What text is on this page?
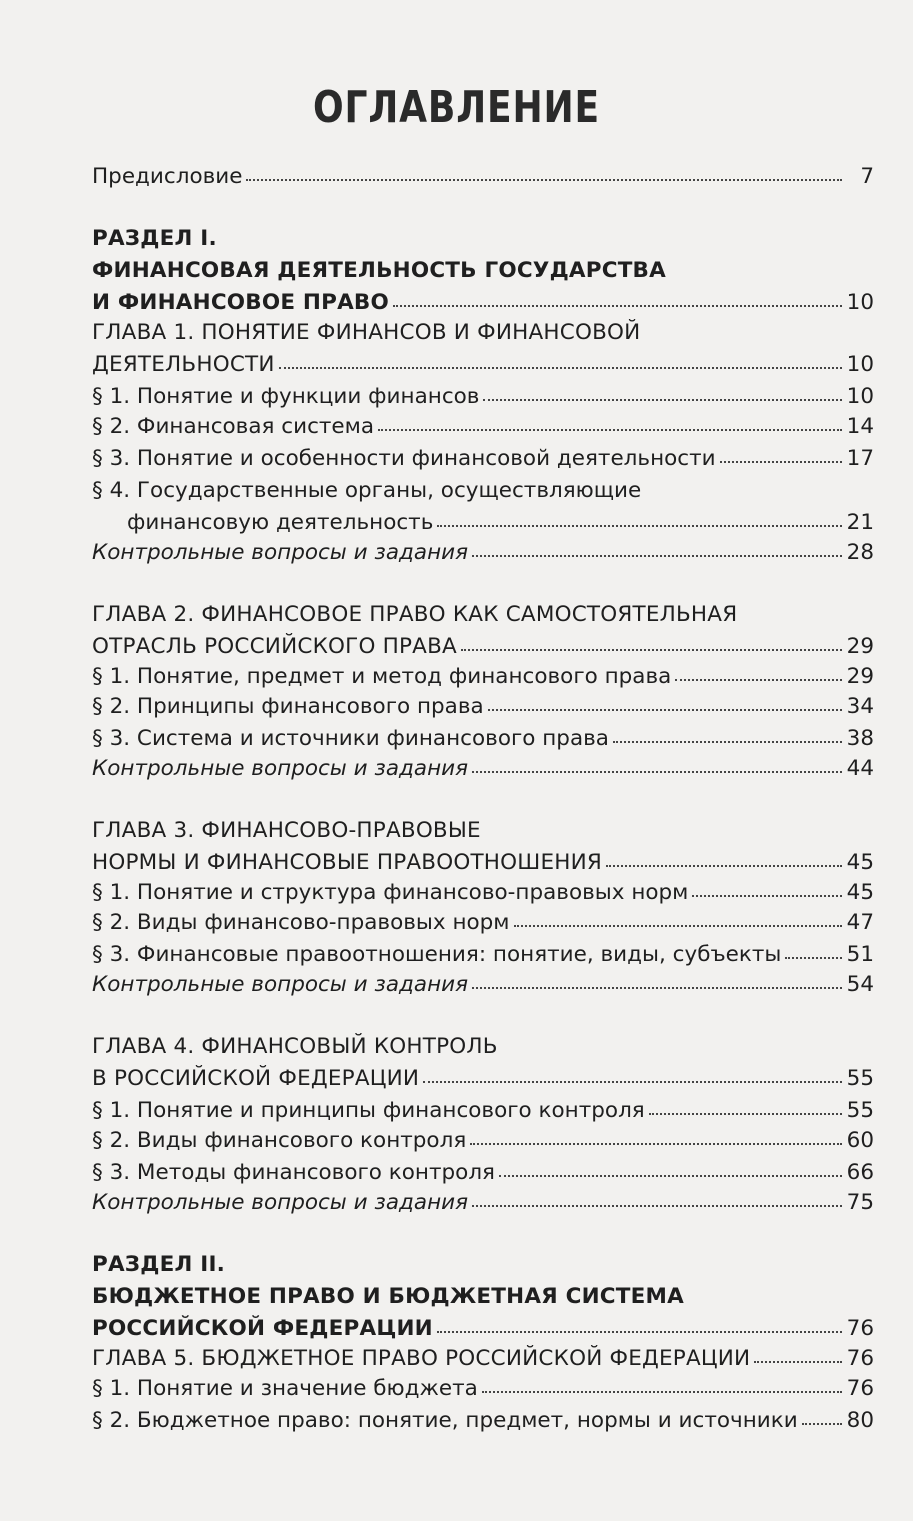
ОГЛАВЛЕНИЕ
Предисловие	7
РАЗДЕЛ I.
ФИНАНСОВАЯ ДЕЯТЕЛЬНОСТЬ ГОСУДАРСТВА
И ФИНАНСОВОЕ ПРАВО	10
ГЛАВА 1. ПОНЯТИЕ ФИНАНСОВ И ФИНАНСОВОЙ
ДЕЯТЕЛЬНОСТИ	10
§ 1. Понятие и функции финансов	10
§ 2. Финансовая система	14
§ 3. Понятие и особенности финансовой деятельности	17
§ 4. Государственные органы, осуществляющие
финансовую деятельность	21
Контрольные вопросы и задания	28
ГЛАВА 2. ФИНАНСОВОЕ ПРАВО КАК САМОСТОЯТЕЛЬНАЯ
ОТРАСЛЬ РОССИЙСКОГО ПРАВА	29
§ 1. Понятие, предмет и метод финансового права	29
§ 2. Принципы финансового права	34
§ 3. Система и источники финансового права	38
Контрольные вопросы и задания	44
ГЛАВА 3. ФИНАНСОВО-ПРАВОВЫЕ
НОРМЫ И ФИНАНСОВЫЕ ПРАВООТНОШЕНИЯ	45
§ 1. Понятие и структура финансово-правовых норм	45
§ 2. Виды финансово-правовых норм	47
§ 3. Финансовые правоотношения: понятие, виды, субъекты	51
Контрольные вопросы и задания	54
ГЛАВА 4. ФИНАНСОВЫЙ КОНТРОЛЬ
В РОССИЙСКОЙ ФЕДЕРАЦИИ	55
§ 1. Понятие и принципы финансового контроля	55
§ 2. Виды финансового контроля	60
§ 3. Методы финансового контроля	66
Контрольные вопросы и задания	75
РАЗДЕЛ II.
БЮДЖЕТНОЕ ПРАВО И БЮДЖЕТНАЯ СИСТЕМА
РОССИЙСКОЙ ФЕДЕРАЦИИ	76
ГЛАВА 5. БЮДЖЕТНОЕ ПРАВО РОССИЙСКОЙ ФЕДЕРАЦИИ	76
§ 1. Понятие и значение бюджета	76
§ 2. Бюджетное право: понятие, предмет, нормы и источники 80
